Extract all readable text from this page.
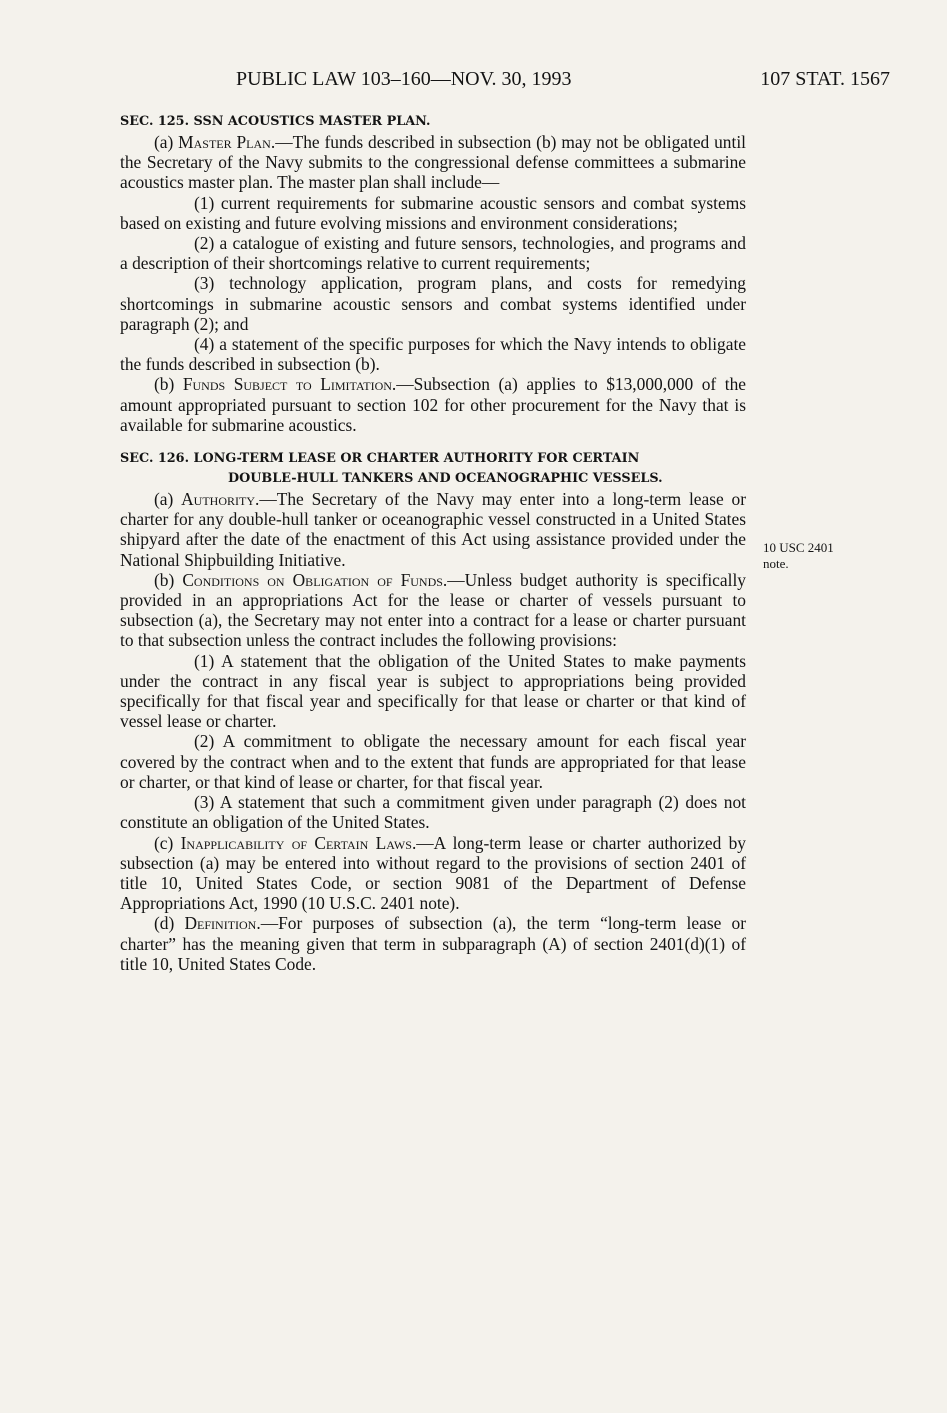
PUBLIC LAW 103–160—NOV. 30, 1993	107 STAT. 1567

SEC. 125. SSN ACOUSTICS MASTER PLAN.

(a) Master Plan.—The funds described in subsection (b) may not be obligated until the Secretary of the Navy submits to the congressional defense committees a submarine acoustics master plan. The master plan shall include—

(1) current requirements for submarine acoustic sensors and combat systems based on existing and future evolving missions and environment considerations;

(2) a catalogue of existing and future sensors, technologies, and programs and a description of their shortcomings relative to current requirements;

(3) technology application, program plans, and costs for remedying shortcomings in submarine acoustic sensors and combat systems identified under paragraph (2); and

(4) a statement of the specific purposes for which the Navy intends to obligate the funds described in subsection (b).

(b) Funds Subject to Limitation.—Subsection (a) applies to $13,000,000 of the amount appropriated pursuant to section 102 for other procurement for the Navy that is available for submarine acoustics.

SEC. 126. LONG-TERM LEASE OR CHARTER AUTHORITY FOR CERTAIN
DOUBLE-HULL TANKERS AND OCEANOGRAPHIC VESSELS.

(a) Authority.—The Secretary of the Navy may enter into a long-term lease or charter for any double-hull tanker or oceanographic vessel constructed in a United States shipyard after the date of the enactment of this Act using assistance provided under the National Shipbuilding Initiative.

(b) Conditions on Obligation of Funds.—Unless budget authority is specifically provided in an appropriations Act for the lease or charter of vessels pursuant to subsection (a), the Secretary may not enter into a contract for a lease or charter pursuant to that subsection unless the contract includes the following provisions:

(1) A statement that the obligation of the United States to make payments under the contract in any fiscal year is subject to appropriations being provided specifically for that fiscal year and specifically for that lease or charter or that kind of vessel lease or charter.

(2) A commitment to obligate the necessary amount for each fiscal year covered by the contract when and to the extent that funds are appropriated for that lease or charter, or that kind of lease or charter, for that fiscal year.

(3) A statement that such a commitment given under paragraph (2) does not constitute an obligation of the United States.

(c) Inapplicability of Certain Laws.—A long-term lease or charter authorized by subsection (a) may be entered into without regard to the provisions of section 2401 of title 10, United States Code, or section 9081 of the Department of Defense Appropriations Act, 1990 (10 U.S.C. 2401 note).

(d) Definition.—For purposes of subsection (a), the term “long-term lease or charter” has the meaning given that term in subparagraph (A) of section 2401(d)(1) of title 10, United States Code.

10 USC 2401
note.
